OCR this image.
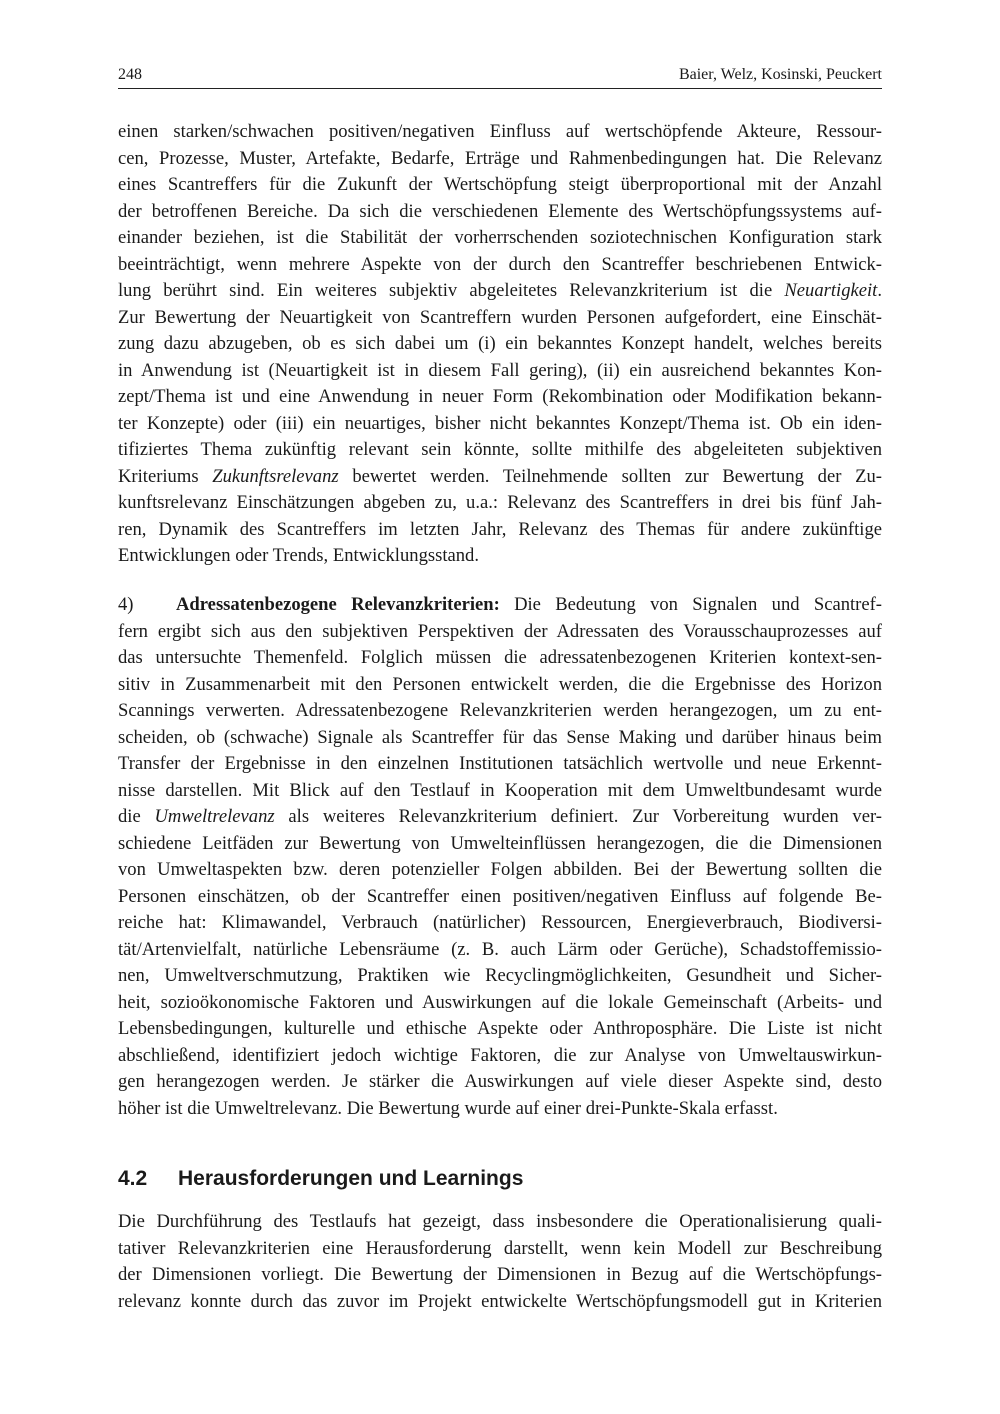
248	Baier, Welz, Kosinski, Peuckert
einen starken/schwachen positiven/negativen Einfluss auf wertschöpfende Akteure, Ressour-
cen, Prozesse, Muster, Artefakte, Bedarfe, Erträge und Rahmenbedingungen hat. Die Relevanz
eines Scantreffers für die Zukunft der Wertschöpfung steigt überproportional mit der Anzahl
der betroffenen Bereiche. Da sich die verschiedenen Elemente des Wertschöpfungssystems auf-
einander beziehen, ist die Stabilität der vorherrschenden soziotechnischen Konfiguration stark
beeinträchtigt, wenn mehrere Aspekte von der durch den Scantreffer beschriebenen Entwick-
lung berührt sind. Ein weiteres subjektiv abgeleitetes Relevanzkriterium ist die Neuartigkeit.
Zur Bewertung der Neuartigkeit von Scantreffern wurden Personen aufgefordert, eine Einschät-
zung dazu abzugeben, ob es sich dabei um (i) ein bekanntes Konzept handelt, welches bereits
in Anwendung ist (Neuartigkeit ist in diesem Fall gering), (ii) ein ausreichend bekanntes Kon-
zept/Thema ist und eine Anwendung in neuer Form (Rekombination oder Modifikation bekann-
ter Konzepte) oder (iii) ein neuartiges, bisher nicht bekanntes Konzept/Thema ist. Ob ein iden-
tifiziertes Thema zukünftig relevant sein könnte, sollte mithilfe des abgeleiteten subjektiven
Kriteriums Zukunftsrelevanz bewertet werden. Teilnehmende sollten zur Bewertung der Zu-
kunftsrelevanz Einschätzungen abgeben zu, u.a.: Relevanz des Scantreffers in drei bis fünf Jah-
ren, Dynamik des Scantreffers im letzten Jahr, Relevanz des Themas für andere zukünftige
Entwicklungen oder Trends, Entwicklungsstand.
4) Adressatenbezogene Relevanzkriterien: Die Bedeutung von Signalen und Scantref-
fern ergibt sich aus den subjektiven Perspektiven der Adressaten des Vorausschauprozesses auf
das untersuchte Themenfeld. Folglich müssen die adressatenbezogenen Kriterien kontext-sen-
sitiv in Zusammenarbeit mit den Personen entwickelt werden, die die Ergebnisse des Horizon
Scannings verwerten. Adressatenbezogene Relevanzkriterien werden herangezogen, um zu ent-
scheiden, ob (schwache) Signale als Scantreffer für das Sense Making und darüber hinaus beim
Transfer der Ergebnisse in den einzelnen Institutionen tatsächlich wertvolle und neue Erkennt-
nisse darstellen. Mit Blick auf den Testlauf in Kooperation mit dem Umweltbundesamt wurde
die Umweltrelevanz als weiteres Relevanzkriterium definiert. Zur Vorbereitung wurden ver-
schiedene Leitfäden zur Bewertung von Umwelteinflüssen herangezogen, die die Dimensionen
von Umweltaspekten bzw. deren potenzieller Folgen abbilden. Bei der Bewertung sollten die
Personen einschätzen, ob der Scantreffer einen positiven/negativen Einfluss auf folgende Be-
reiche hat: Klimawandel, Verbrauch (natürlicher) Ressourcen, Energieverbrauch, Biodiversi-
tät/Artenvielfalt, natürliche Lebensräume (z. B. auch Lärm oder Gerüche), Schadstoffemissio-
nen, Umweltverschmutzung, Praktiken wie Recyclingmöglichkeiten, Gesundheit und Sicher-
heit, sozioökonomische Faktoren und Auswirkungen auf die lokale Gemeinschaft (Arbeits- und
Lebensbedingungen, kulturelle und ethische Aspekte oder Anthroposphäre. Die Liste ist nicht
abschließend, identifiziert jedoch wichtige Faktoren, die zur Analyse von Umweltauswirkun-
gen herangezogen werden. Je stärker die Auswirkungen auf viele dieser Aspekte sind, desto
höher ist die Umweltrelevanz. Die Bewertung wurde auf einer drei-Punkte-Skala erfasst.
4.2 Herausforderungen und Learnings
Die Durchführung des Testlaufs hat gezeigt, dass insbesondere die Operationalisierung quali-
tativer Relevanzkriterien eine Herausforderung darstellt, wenn kein Modell zur Beschreibung
der Dimensionen vorliegt. Die Bewertung der Dimensionen in Bezug auf die Wertschöpfungs-
relevanz konnte durch das zuvor im Projekt entwickelte Wertschöpfungsmodell gut in Kriterien
